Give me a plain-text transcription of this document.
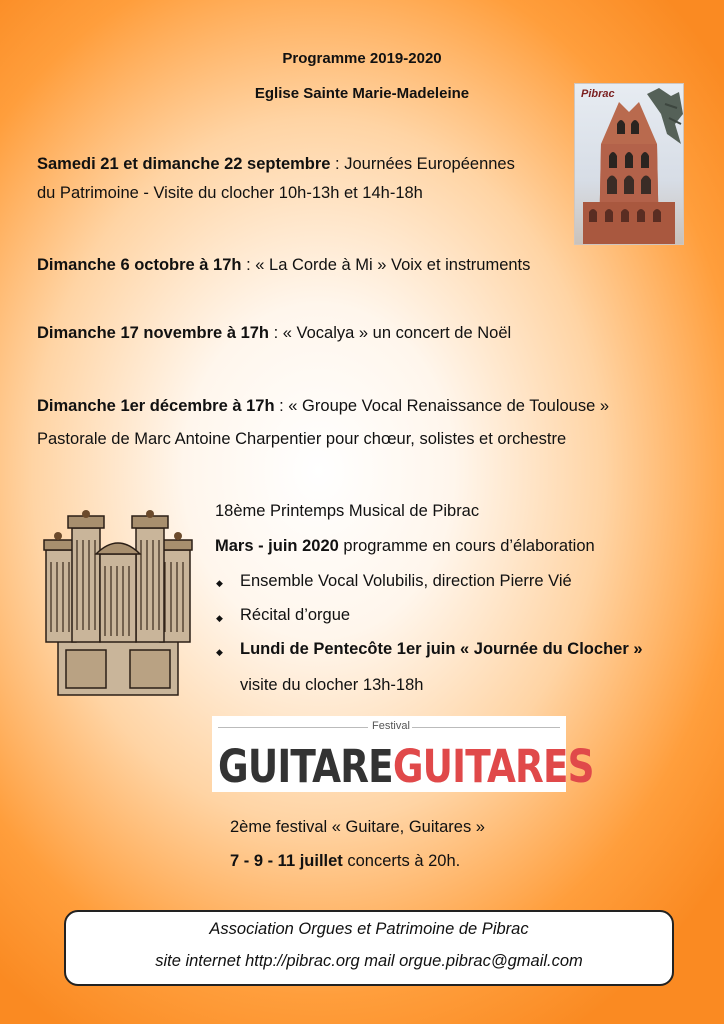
Programme 2019-2020
Eglise Sainte Marie-Madeleine	Pibrac
Samedi 21 et dimanche 22 septembre : Journées Européennes
du Patrimoine - Visite du clocher 10h-13h et 14h-18h
Dimanche 6 octobre à 17h : « La Corde à Mi » Voix et instruments
Dimanche 17 novembre à 17h : « Vocalya » un concert de Noël
Dimanche 1er décembre à 17h : « Groupe Vocal Renaissance de Toulouse »
Pastorale de Marc Antoine Charpentier pour chœur, solistes et orchestre
18ème Printemps Musical de Pibrac
Mars - juin 2020 programme en cours d’élaboration
◆ Ensemble Vocal Volubilis, direction Pierre Vié
◆ Récital d’orgue
◆ Lundi de Pentecôte 1er juin « Journée du Clocher »
visite du clocher 13h-18h
Festival
GUITAREGUITARES
2ème festival « Guitare, Guitares »
7 - 9 - 11 juillet concerts à 20h.
Association Orgues et Patrimoine de Pibrac
site internet http://pibrac.org mail orgue.pibrac@gmail.com
